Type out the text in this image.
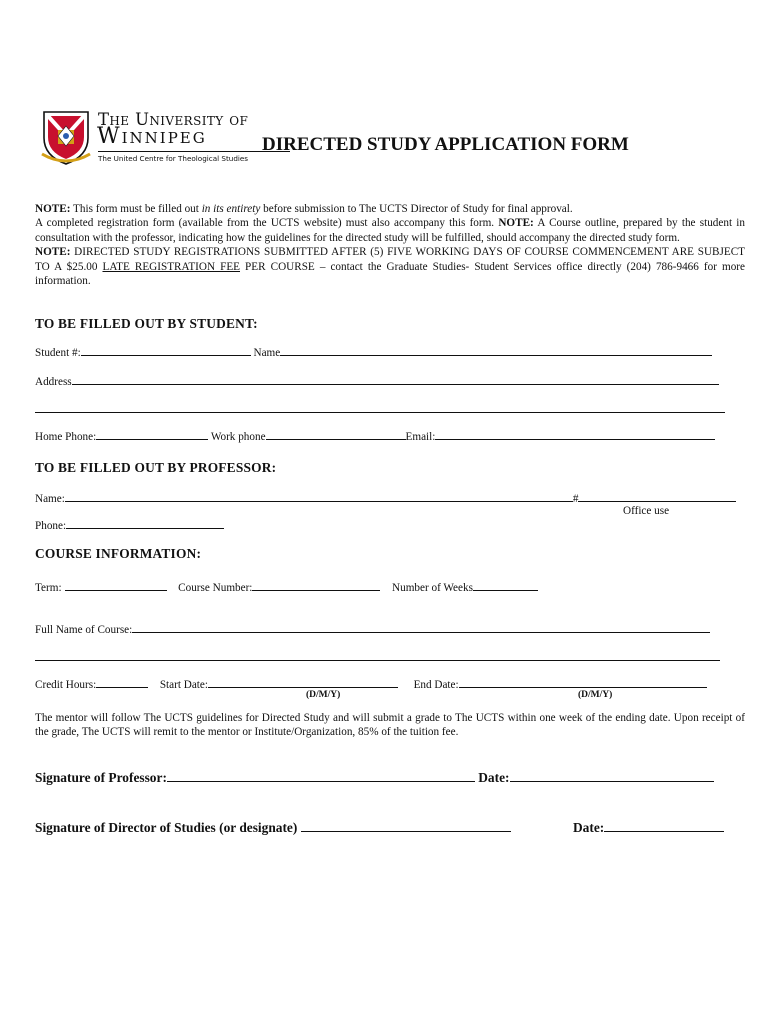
The University of
Winnipeg
The United Centre for Theological Studies
DIRECTED STUDY APPLICATION FORM

NOTE: This form must be filled out in its entirety before submission to The UCTS Director of Study for final approval.

A completed registration form (available from the UCTS website) must also accompany this form. NOTE: A Course outline, prepared by the student in consultation with the professor, indicating how the guidelines for the directed study will be fulfilled, should accompany the directed study form.

NOTE: DIRECTED STUDY REGISTRATIONS SUBMITTED AFTER (5) FIVE WORKING DAYS OF COURSE COMMENCEMENT ARE SUBJECT TO A $25.00 LATE REGISTRATION FEE PER COURSE – contact the Graduate Studies- Student Services office directly (204) 786-9466 for more information.

TO BE FILLED OUT BY STUDENT:
Student #:	Name
Address
Home Phone:	Work phone	Email:
TO BE FILLED OUT BY PROFESSOR:
Name:	#
Office use
Phone:
COURSE INFORMATION:
Term:	Course Number:	Number of Weeks
Full Name of Course:
Credit Hours:	Start Date:	End Date:
(D/M/Y)	(D/M/Y)
The mentor will follow The UCTS guidelines for Directed Study and will submit a grade to The UCTS within one week of the ending date. Upon receipt of the grade, The UCTS will remit to the mentor or Institute/Organization, 85% of the tuition fee.
Signature of Professor:	Date:
Signature of Director of Studies (or designate)	Date:
